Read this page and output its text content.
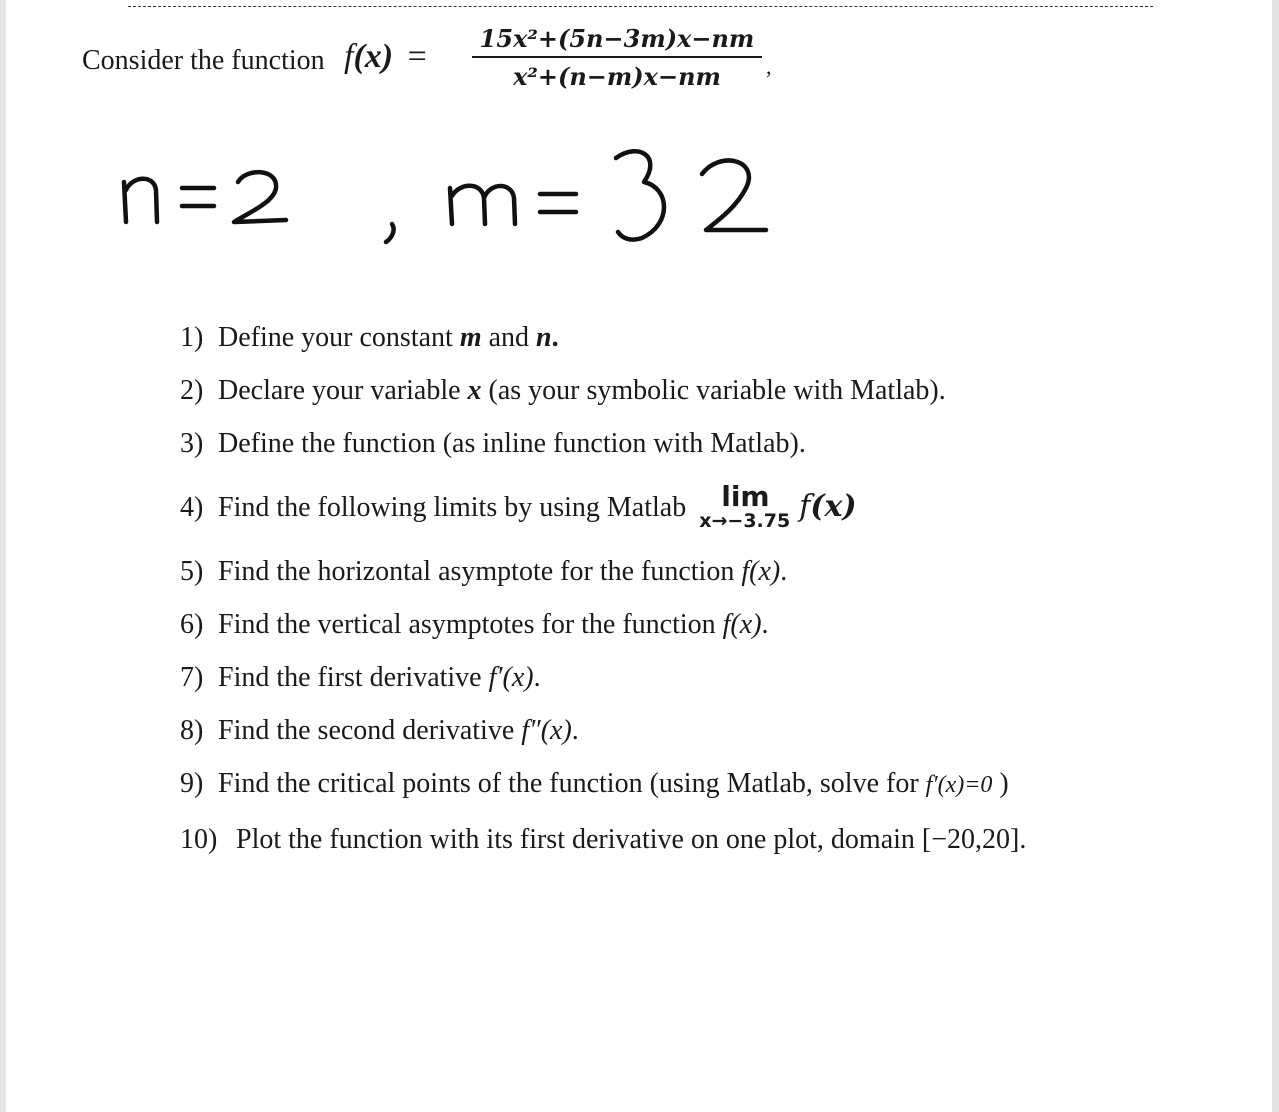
Consider the function $f(x) = \frac{\text{15x²+(5n−3m)x−nm}}{\text{x²+(n−m)x−nm}}$ ,
1) Define your constant m and n.
2) Declare your variable x (as your symbolic variable with Matlab).
3) Define the function (as inline function with Matlab).
4) Find the following limits by using Matlab lim
x→−3.75 f(x)
5) Find the horizontal asymptote for the function f(x).
6) Find the vertical asymptotes for the function f(x).
7) Find the first derivative f′(x).
8) Find the second derivative f″(x).
9) Find the critical points of the function (using Matlab, solve for f′(x)=0 )
10) Plot the function with its first derivative on one plot, domain [−20,20].
